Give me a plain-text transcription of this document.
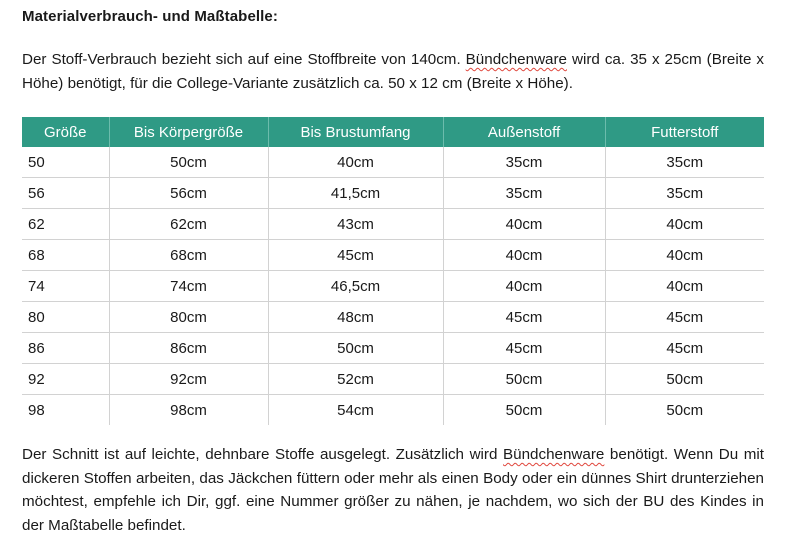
Materialverbrauch- und Maßtabelle:
Der Stoff-Verbrauch bezieht sich auf eine Stoffbreite von 140cm. Bündchenware wird ca. 35 x 25cm (Breite x Höhe) benötigt, für die College-Variante zusätzlich ca. 50 x 12 cm (Breite x Höhe).
Größe	Bis Körpergröße	Bis Brustumfang	Außenstoff	Futterstoff
50	50cm	40cm	35cm	35cm
56	56cm	41,5cm	35cm	35cm
62	62cm	43cm	40cm	40cm
68	68cm	45cm	40cm	40cm
74	74cm	46,5cm	40cm	40cm
80	80cm	48cm	45cm	45cm
86	86cm	50cm	45cm	45cm
92	92cm	52cm	50cm	50cm
98	98cm	54cm	50cm	50cm
Der Schnitt ist auf leichte, dehnbare Stoffe ausgelegt. Zusätzlich wird Bündchenware benötigt. Wenn Du mit dickeren Stoffen arbeiten, das Jäckchen füttern oder mehr als einen Body oder ein dünnes Shirt drunterziehen möchtest, empfehle ich Dir, ggf. eine Nummer größer zu nähen, je nachdem, wo sich der BU des Kindes in der Maßtabelle befindet.
